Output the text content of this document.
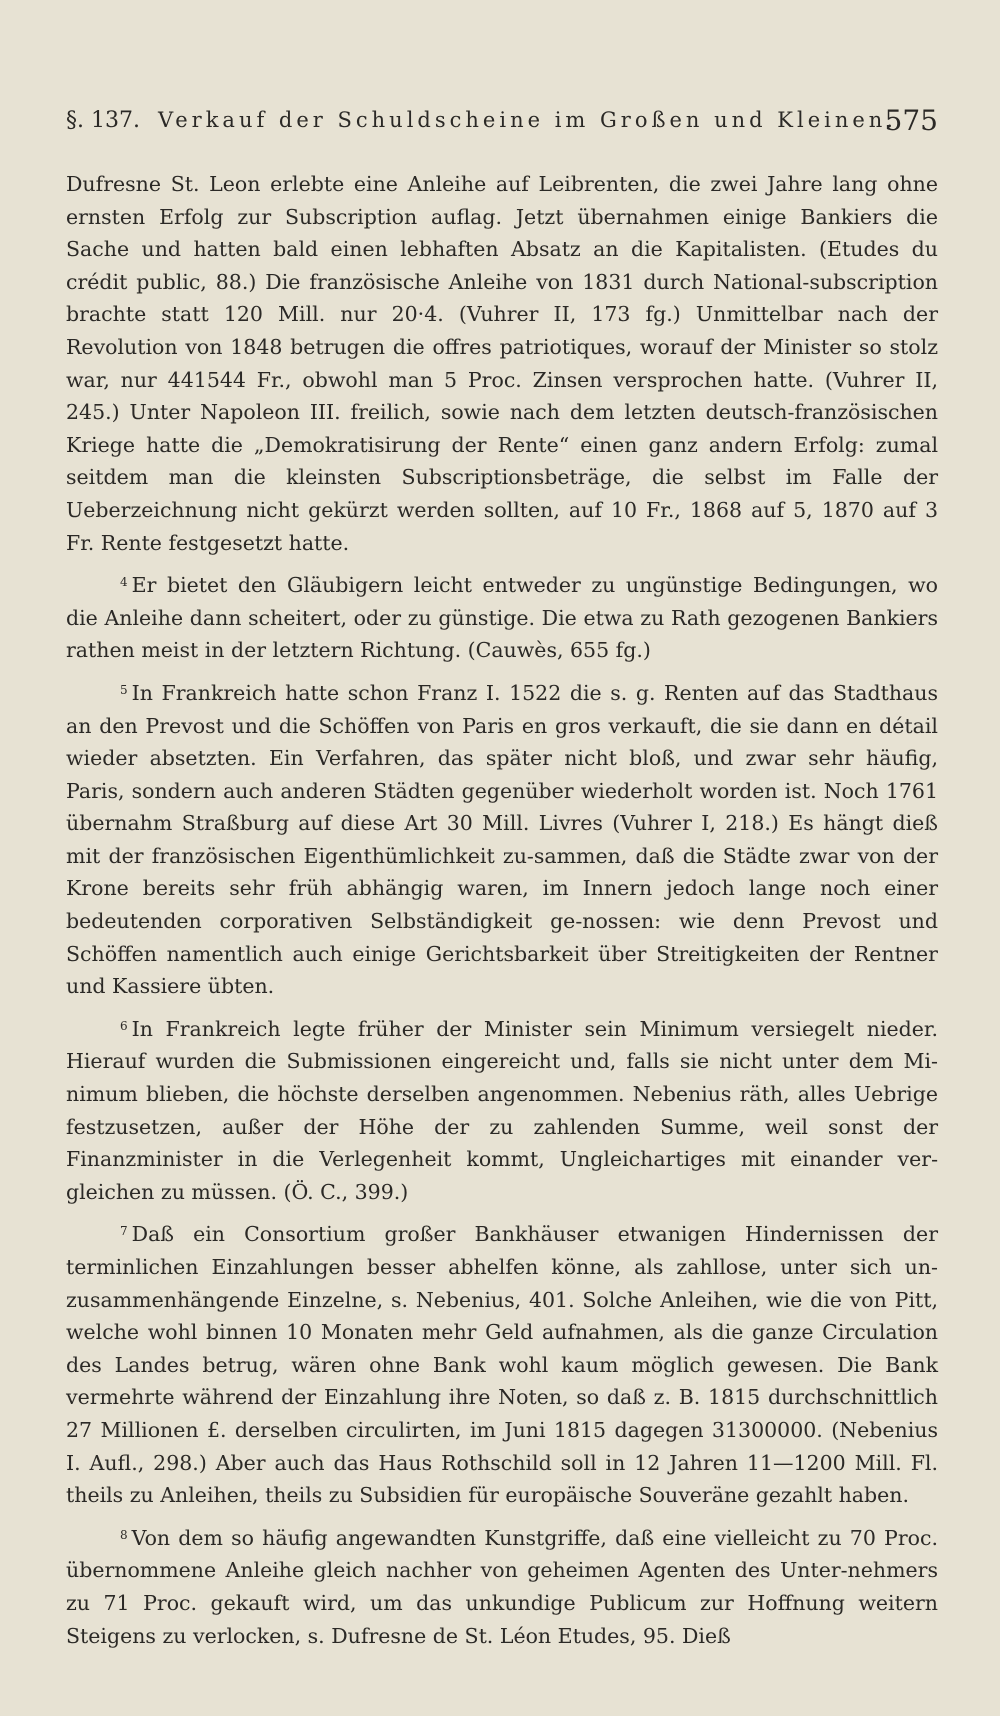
§. 137. Verkauf der Schuldscheine im Großen und Kleinen.
575

Dufresne St. Leon erlebte eine Anleihe auf Leibrenten, die zwei Jahre lang ohne ernsten Erfolg zur Subscription auflag. Jetzt übernahmen einige Bankiers die Sache und hatten bald einen lebhaften Absatz an die Kapitalisten. (Etudes du crédit public, 88.) Die französische Anleihe von 1831 durch National-subscription brachte statt 120 Mill. nur 20·4. (Vuhrer II, 173 fg.) Unmittelbar nach der Revolution von 1848 betrugen die offres patriotiques, worauf der Minister so stolz war, nur 441544 Fr., obwohl man 5 Proc. Zinsen versprochen hatte. (Vuhrer II, 245.) Unter Napoleon III. freilich, sowie nach dem letzten deutsch-französischen Kriege hatte die „Demokratisirung der Rente“ einen ganz andern Erfolg: zumal seitdem man die kleinsten Subscriptionsbeträge, die selbst im Falle der Ueberzeichnung nicht gekürzt werden sollten, auf 10 Fr., 1868 auf 5, 1870 auf 3 Fr. Rente festgesetzt hatte.

$^4$ Er bietet den Gläubigern leicht entweder zu ungünstige Bedingungen, wo die Anleihe dann scheitert, oder zu günstige. Die etwa zu Rath gezogenen Bankiers rathen meist in der letztern Richtung. (Cauwès, 655 fg.)

$^5$ In Frankreich hatte schon Franz I. 1522 die s. g. Renten auf das Stadthaus an den Prevost und die Schöffen von Paris en gros verkauft, die sie dann en détail wieder absetzten. Ein Verfahren, das später nicht bloß, und zwar sehr häufig, Paris, sondern auch anderen Städten gegenüber wiederholt worden ist. Noch 1761 übernahm Straßburg auf diese Art 30 Mill. Livres (Vuhrer I, 218.) Es hängt dieß mit der französischen Eigenthümlichkeit zu-sammen, daß die Städte zwar von der Krone bereits sehr früh abhängig waren, im Innern jedoch lange noch einer bedeutenden corporativen Selbständigkeit ge-nossen: wie denn Prevost und Schöffen namentlich auch einige Gerichtsbarkeit über Streitigkeiten der Rentner und Kassiere übten.

$^6$ In Frankreich legte früher der Minister sein Minimum versiegelt nieder. Hierauf wurden die Submissionen eingereicht und, falls sie nicht unter dem Mi-nimum blieben, die höchste derselben angenommen. Nebenius räth, alles Uebrige festzusetzen, außer der Höhe der zu zahlenden Summe, weil sonst der Finanzminister in die Verlegenheit kommt, Ungleichartiges mit einander ver-gleichen zu müssen. (Ö. C., 399.)

$^7$ Daß ein Consortium großer Bankhäuser etwanigen Hindernissen der terminlichen Einzahlungen besser abhelfen könne, als zahllose, unter sich un-zusammenhängende Einzelne, s. Nebenius, 401. Solche Anleihen, wie die von Pitt, welche wohl binnen 10 Monaten mehr Geld aufnahmen, als die ganze Circulation des Landes betrug, wären ohne Bank wohl kaum möglich gewesen. Die Bank vermehrte während der Einzahlung ihre Noten, so daß z. B. 1815 durchschnittlich 27 Millionen £. derselben circulirten, im Juni 1815 dagegen 31300000. (Nebenius I. Aufl., 298.) Aber auch das Haus Rothschild soll in 12 Jahren 11—1200 Mill. Fl. theils zu Anleihen, theils zu Subsidien für europäische Souveräne gezahlt haben.

$^8$ Von dem so häufig angewandten Kunstgriffe, daß eine vielleicht zu 70 Proc. übernommene Anleihe gleich nachher von geheimen Agenten des Unter-nehmers zu 71 Proc. gekauft wird, um das unkundige Publicum zur Hoffnung weitern Steigens zu verlocken, s. Dufresne de St. Léon Etudes, 95. Dieß
